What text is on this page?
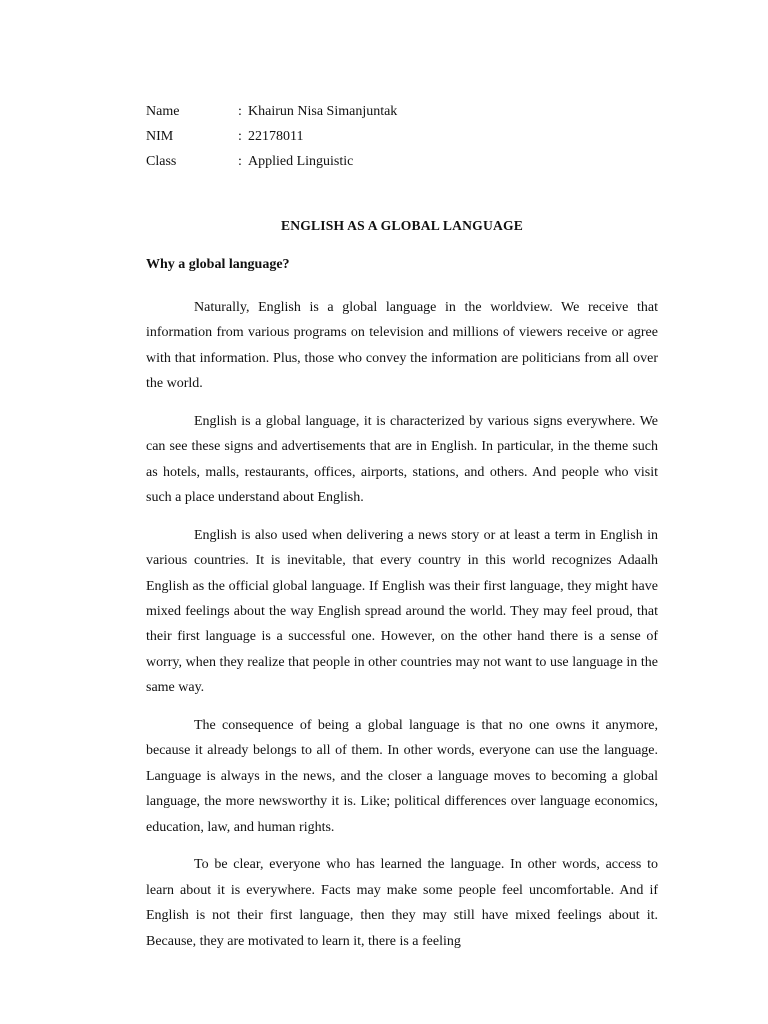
Name	: Khairun Nisa Simanjuntak
NIM	: 22178011
Class	: Applied Linguistic
ENGLISH AS A GLOBAL LANGUAGE
Why a global language?

Naturally, English is a global language in the worldview. We receive that information from various programs on television and millions of viewers receive or agree with that information. Plus, those who convey the information are politicians from all over the world.

English is a global language, it is characterized by various signs everywhere. We can see these signs and advertisements that are in English. In particular, in the theme such as hotels, malls, restaurants, offices, airports, stations, and others. And people who visit such a place understand about English.

English is also used when delivering a news story or at least a term in English in various countries. It is inevitable, that every country in this world recognizes Adaalh English as the official global language. If English was their first language, they might have mixed feelings about the way English spread around the world. They may feel proud, that their first language is a successful one. However, on the other hand there is a sense of worry, when they realize that people in other countries may not want to use language in the same way.

The consequence of being a global language is that no one owns it anymore, because it already belongs to all of them. In other words, everyone can use the language. Language is always in the news, and the closer a language moves to becoming a global language, the more newsworthy it is. Like; political differences over language economics, education, law, and human rights.

To be clear, everyone who has learned the language. In other words, access to learn about it is everywhere. Facts may make some people feel uncomfortable. And if English is not their first language, then they may still have mixed feelings about it. Because, they are motivated to learn it, there is a feeling
